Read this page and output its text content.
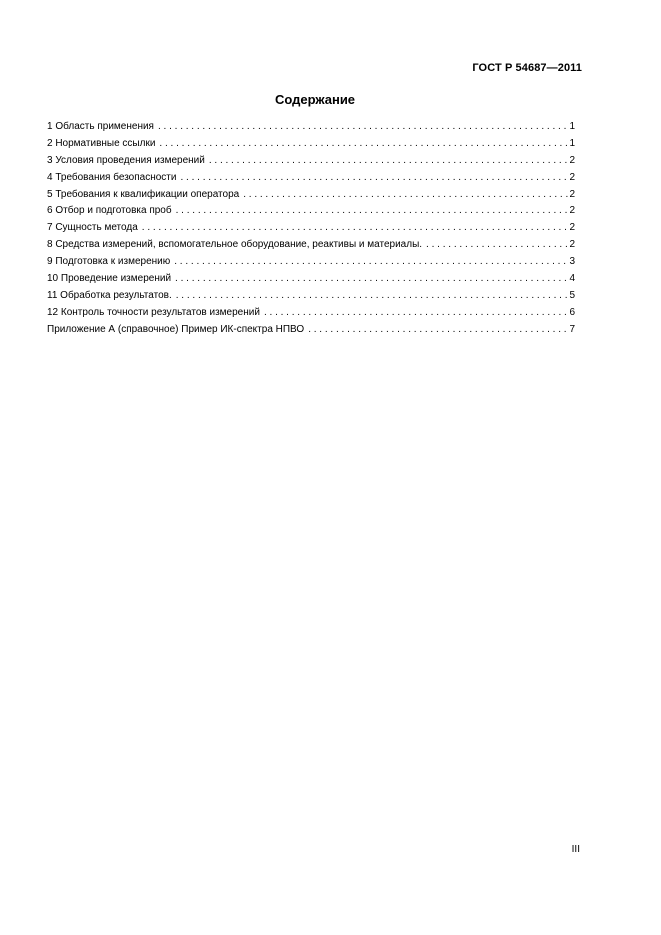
ГОСТ Р 54687—2011
Содержание
1 Область применения . . .	1
2 Нормативные ссылки . . .	1
3 Условия проведения измерений . . .	2
4 Требования безопасности . . .	2
5 Требования к квалификации оператора . . .	2
6 Отбор и подготовка проб . . .	2
7 Сущность метода . . .	2
8 Средства измерений, вспомогательное оборудование, реактивы и материалы. . . .	2
9 Подготовка к измерению . . .	3
10 Проведение измерений . . .	4
11 Обработка результатов. . . .	5
12 Контроль точности результатов измерений . . .	6
Приложение А (справочное) Пример ИК-спектра НПВО . . .	7
III
